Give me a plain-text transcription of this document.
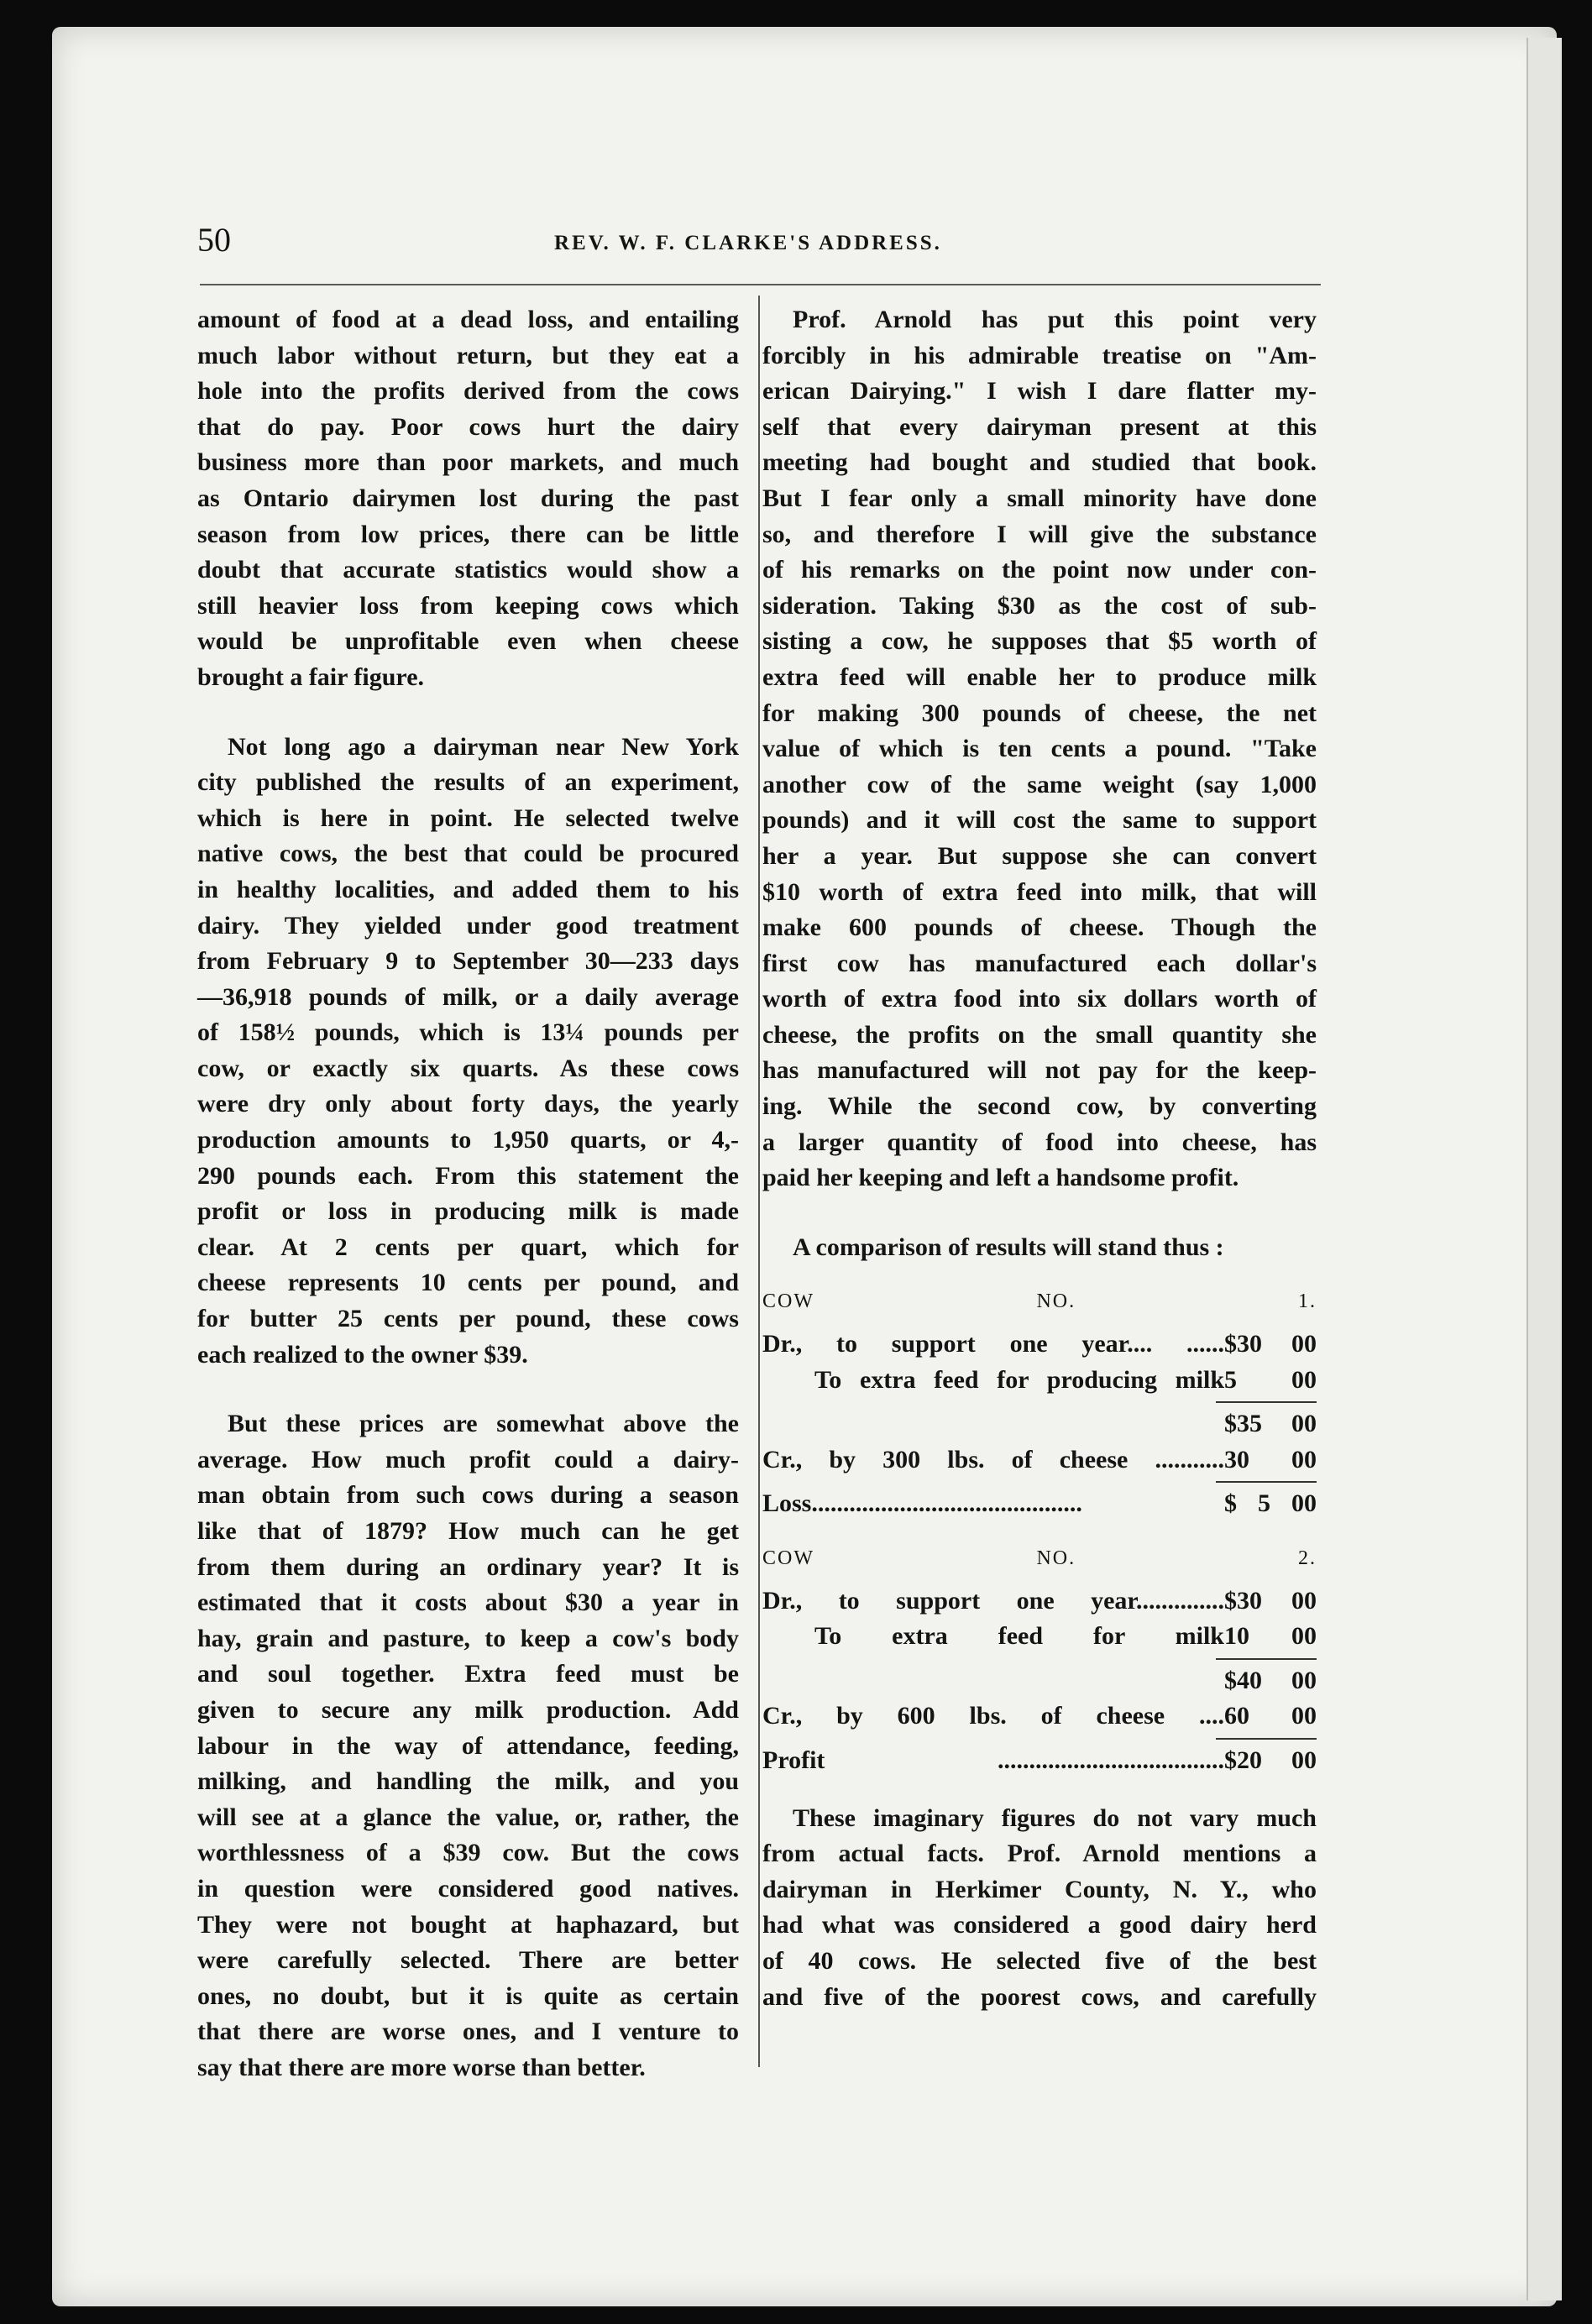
50	REV. W. F. CLARKE'S ADDRESS.
amount of food at a dead loss, and entailing
much labor without return, but they eat a
hole into the profits derived from the cows
that do pay. Poor cows hurt the dairy
business more than poor markets, and much
as Ontario dairymen lost during the past
season from low prices, there can be little
doubt that accurate statistics would show a
still heavier loss from keeping cows which
would be unprofitable even when cheese
brought a fair figure.
Not long ago a dairyman near New York
city published the results of an experiment,
which is here in point. He selected twelve
native cows, the best that could be procured
in healthy localities, and added them to his
dairy. They yielded under good treatment
from February 9 to September 30—233 days
—36,918 pounds of milk, or a daily average
of 158½ pounds, which is 13¼ pounds per
cow, or exactly six quarts. As these cows
were dry only about forty days, the yearly
production amounts to 1,950 quarts, or 4,-
290 pounds each. From this statement the
profit or loss in producing milk is made
clear. At 2 cents per quart, which for
cheese represents 10 cents per pound, and
for butter 25 cents per pound, these cows
each realized to the owner $39.
But these prices are somewhat above the
average. How much profit could a dairy-
man obtain from such cows during a season
like that of 1879? How much can he get
from them during an ordinary year? It is
estimated that it costs about $30 a year in
hay, grain and pasture, to keep a cow's body
and soul together. Extra feed must be
given to secure any milk production. Add
labour in the way of attendance, feeding,
milking, and handling the milk, and you
will see at a glance the value, or, rather, the
worthlessness of a $39 cow. But the cows
in question were considered good natives.
They were not bought at haphazard, but
were carefully selected. There are better
ones, no doubt, but it is quite as certain
that there are worse ones, and I venture to
say that there are more worse than better.
Prof. Arnold has put this point very
forcibly in his admirable treatise on "Am-
erican Dairying." I wish I dare flatter my-
self that every dairyman present at this
meeting had bought and studied that book.
But I fear only a small minority have done
so, and therefore I will give the substance
of his remarks on the point now under con-
sideration. Taking $30 as the cost of sub-
sisting a cow, he supposes that $5 worth of
extra feed will enable her to produce milk
for making 300 pounds of cheese, the net
value of which is ten cents a pound. "Take
another cow of the same weight (say 1,000
pounds) and it will cost the same to support
her a year. But suppose she can convert
$10 worth of extra feed into milk, that will
make 600 pounds of cheese. Though the
first cow has manufactured each dollar's
worth of extra food into six dollars worth of
cheese, the profits on the small quantity she
has manufactured will not pay for the keep-
ing. While the second cow, by converting
a larger quantity of food into cheese, has
paid her keeping and left a handsome profit.
A comparison of results will stand thus :
COW NO. 1.
Dr., to support one year.... ...... $30 00
To extra feed for producing milk 5 00
$35 00
Cr., by 300 lbs. of cheese ........... 30 00
Loss...........................................	$ 5 00
COW NO. 2.
Dr., to support one year.............. $30 00
To extra feed for milk 10 00
$40 00
Cr., by 600 lbs. of cheese .... 60 00
Profit .................................... $20 00
These imaginary figures do not vary much
from actual facts. Prof. Arnold mentions a
dairyman in Herkimer County, N. Y., who
had what was considered a good dairy herd
of 40 cows. He selected five of the best
and five of the poorest cows, and carefully
